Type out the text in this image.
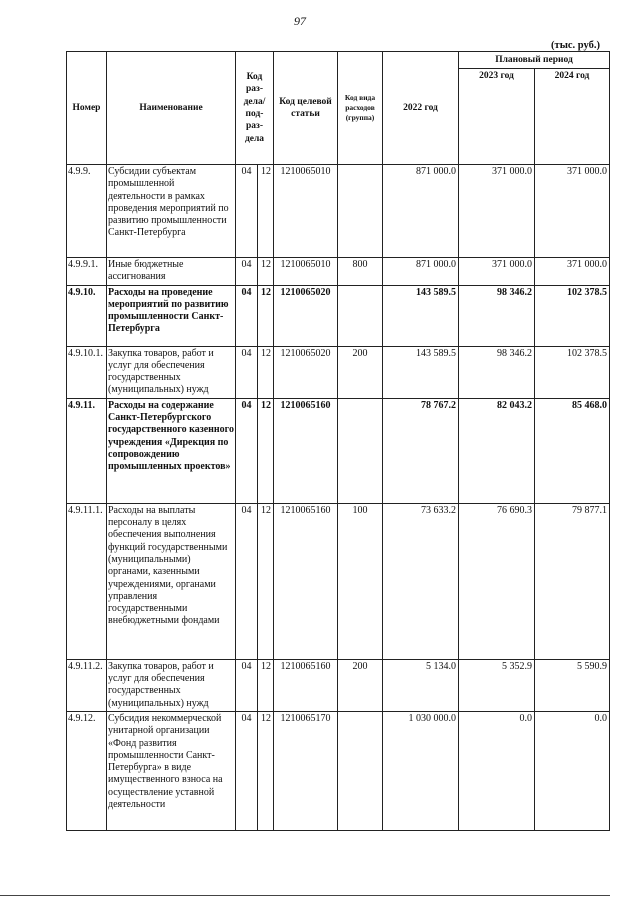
97
(тыс. руб.)
Номер	Наименование	Код раз- дела/ под- раз- дела		Код целевой статьи	Код вида расходов (группа)	2022 год	Плановый период	
							2023 год	2024 год
4.9.9.	Субсидии субъектам промышленной деятельности в рамках проведения мероприятий по развитию промышленности Санкт-Петербурга	04	12	1210065010		871 000.0	371 000.0	371 000.0
4.9.9.1.	Иные бюджетные ассигнования	04	12	1210065010	800	871 000.0	371 000.0	371 000.0
4.9.10.	Расходы на проведение мероприятий по развитию промышленности Санкт-Петербурга	04	12	1210065020		143 589.5	98 346.2	102 378.5
4.9.10.1.	Закупка товаров, работ и услуг для обеспечения государственных (муниципальных) нужд	04	12	1210065020	200	143 589.5	98 346.2	102 378.5
4.9.11.	Расходы на содержание Санкт-Петербургского государственного казенного учреждения «Дирекция по сопровождению промышленных проектов»	04	12	1210065160		78 767.2	82 043.2	85 468.0
4.9.11.1.	Расходы на выплаты персоналу в целях обеспечения выполнения функций государственными (муниципальными) органами, казенными учреждениями, органами управления государственными внебюджетными фондами	04	12	1210065160	100	73 633.2	76 690.3	79 877.1
4.9.11.2.	Закупка товаров, работ и услуг для обеспечения государственных (муниципальных) нужд	04	12	1210065160	200	5 134.0	5 352.9	5 590.9
4.9.12.	Субсидия некоммерческой унитарной организации «Фонд развития промышленности Санкт-Петербурга» в виде имущественного взноса на осуществление уставной деятельности	04	12	1210065170		1 030 000.0	0.0	0.0
